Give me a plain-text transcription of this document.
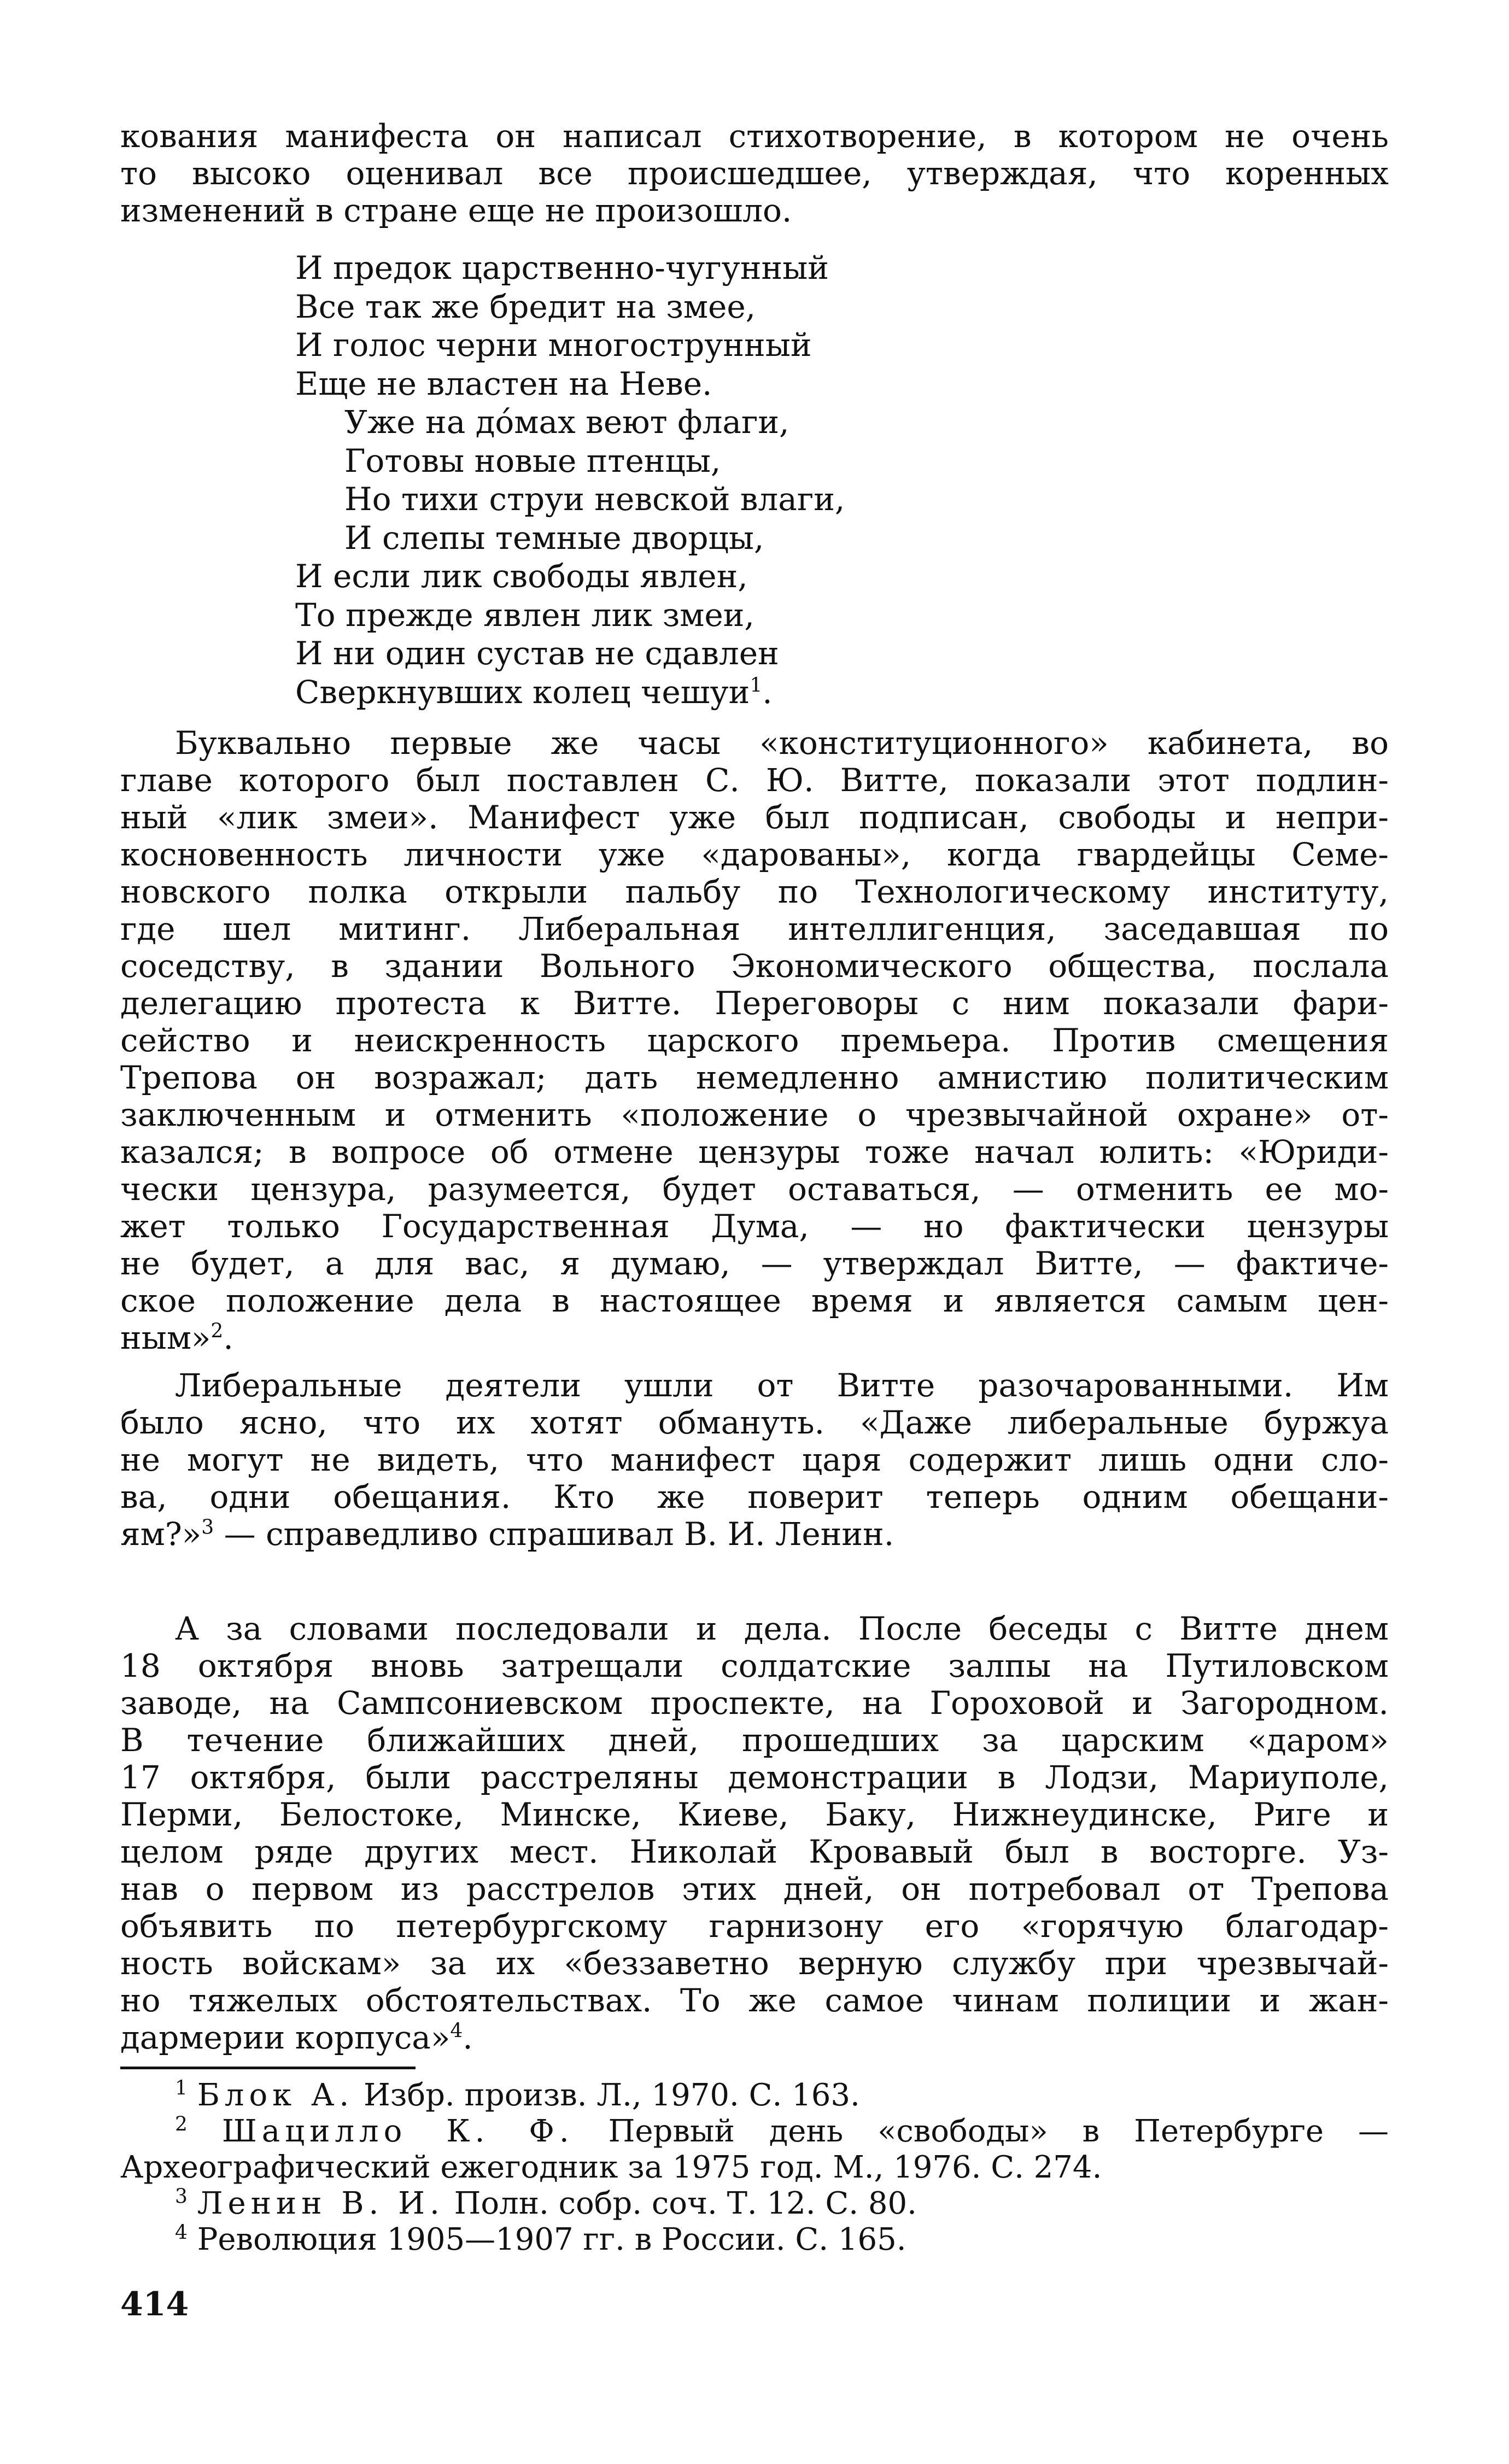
кования манифеста он написал стихотворение, в котором не очень
то высоко оценивал все происшедшее, утверждая, что коренных
изменений в стране еще не произошло.
И предок царственно-чугунный
Все так же бредит на змее,
И голос черни многострунный
Еще не властен на Неве.
Уже на до́мах веют флаги,
Готовы новые птенцы,
Но тихи струи невской влаги,
И слепы темные дворцы,
И если лик свободы явлен,
То прежде явлен лик змеи,
И ни один сустав не сдавлен
Сверкнувших колец чешуи$^1$.
Буквально первые же часы «конституционного» кабинета, во
главе которого был поставлен С. Ю. Витте, показали этот подлин-
ный «лик змеи». Манифест уже был подписан, свободы и непри-
косновенность личности уже «дарованы», когда гвардейцы Семе-
новского полка открыли пальбу по Технологическому институту,
где шел митинг. Либеральная интеллигенция, заседавшая по
соседству, в здании Вольного Экономического общества, послала
делегацию протеста к Витте. Переговоры с ним показали фари-
сейство и неискренность царского премьера. Против смещения
Трепова он возражал; дать немедленно амнистию политическим
заключенным и отменить «положение о чрезвычайной охране» от-
казался; в вопросе об отмене цензуры тоже начал юлить: «Юриди-
чески цензура, разумеется, будет оставаться, — отменить ее мо-
жет только Государственная Дума, — но фактически цензуры
не будет, а для вас, я думаю, — утверждал Витте, — фактиче-
ское положение дела в настоящее время и является самым цен-
ным»$^2$.
Либеральные деятели ушли от Витте разочарованными. Им
было ясно, что их хотят обмануть. «Даже либеральные буржуа
не могут не видеть, что манифест царя содержит лишь одни сло-
ва, одни обещания. Кто же поверит теперь одним обещани-
ям?»$^3$ — справедливо спрашивал В. И. Ленин.
А за словами последовали и дела. После беседы с Витте днем
18 октября вновь затрещали солдатские залпы на Путиловском
заводе, на Сампсониевском проспекте, на Гороховой и Загородном.
В течение ближайших дней, прошедших за царским «даром»
17 октября, были расстреляны демонстрации в Лодзи, Мариуполе,
Перми, Белостоке, Минске, Киеве, Баку, Нижнеудинске, Риге и
целом ряде других мест. Николай Кровавый был в восторге. Уз-
нав о первом из расстрелов этих дней, он потребовал от Трепова
объявить по петербургскому гарнизону его «горячую благодар-
ность войскам» за их «беззаветно верную службу при чрезвычай-
но тяжелых обстоятельствах. То же самое чинам полиции и жан-
дармерии корпуса»$^4$.
$^1$ Блок А. Избр. произв. Л., 1970. С. 163.
$^2$ Шацилло К. Ф. Первый день «свободы» в Петербурге —
Археографический ежегодник за 1975 год. М., 1976. С. 274.
$^3$ Ленин В. И. Полн. собр. соч. Т. 12. С. 80.
$^4$ Революция 1905—1907 гг. в России. С. 165.
414
